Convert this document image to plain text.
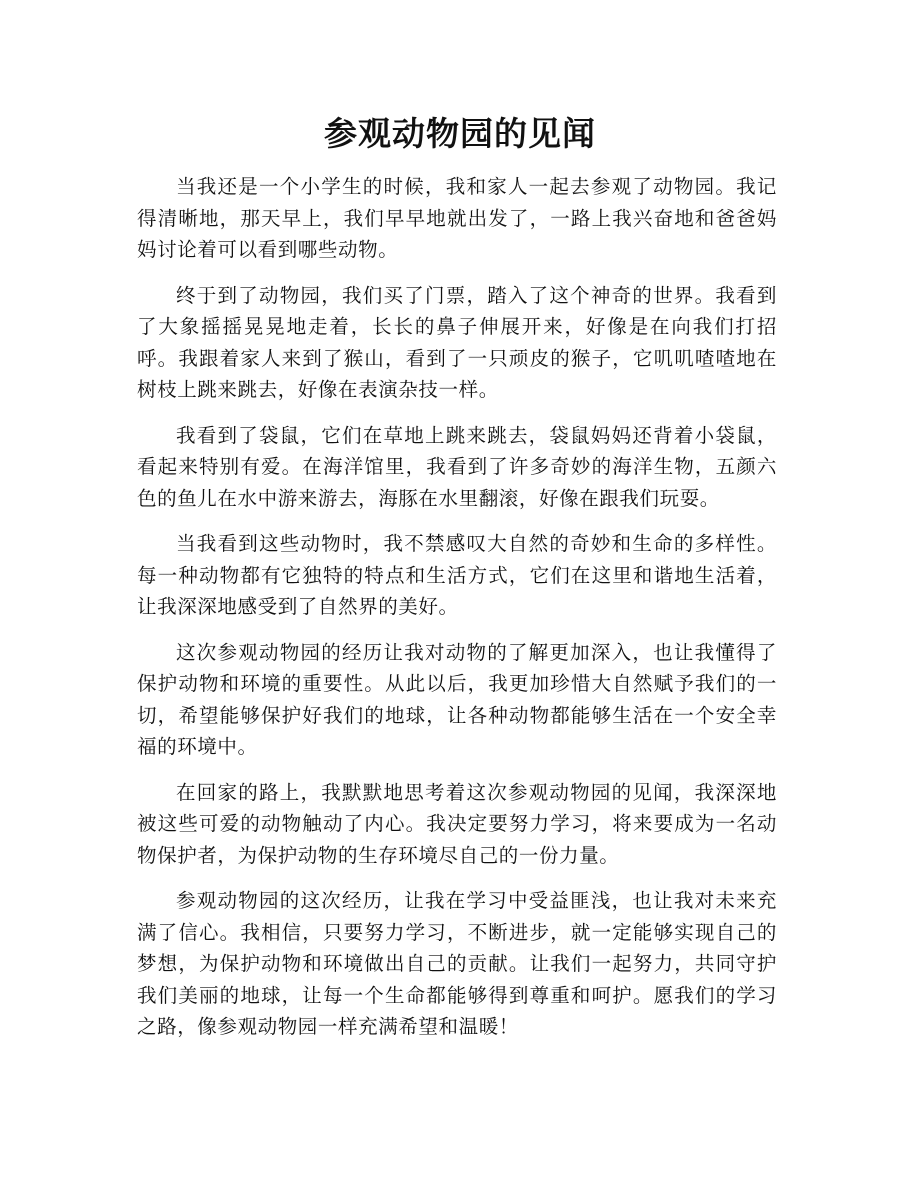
参观动物园的见闻

当我还是一个小学生的时候，我和家人一起去参观了动物园。我记得清晰地，那天早上，我们早早地就出发了，一路上我兴奋地和爸爸妈妈讨论着可以看到哪些动物。

终于到了动物园，我们买了门票，踏入了这个神奇的世界。我看到了大象摇摇晃晃地走着，长长的鼻子伸展开来，好像是在向我们打招呼。我跟着家人来到了猴山，看到了一只顽皮的猴子，它叽叽喳喳地在树枝上跳来跳去，好像在表演杂技一样。

我看到了袋鼠，它们在草地上跳来跳去，袋鼠妈妈还背着小袋鼠，看起来特别有爱。在海洋馆里，我看到了许多奇妙的海洋生物，五颜六色的鱼儿在水中游来游去，海豚在水里翻滚，好像在跟我们玩耍。

当我看到这些动物时，我不禁感叹大自然的奇妙和生命的多样性。每一种动物都有它独特的特点和生活方式，它们在这里和谐地生活着，让我深深地感受到了自然界的美好。

这次参观动物园的经历让我对动物的了解更加深入，也让我懂得了保护动物和环境的重要性。从此以后，我更加珍惜大自然赋予我们的一切，希望能够保护好我们的地球，让各种动物都能够生活在一个安全幸福的环境中。

在回家的路上，我默默地思考着这次参观动物园的见闻，我深深地被这些可爱的动物触动了内心。我决定要努力学习，将来要成为一名动物保护者，为保护动物的生存环境尽自己的一份力量。

参观动物园的这次经历，让我在学习中受益匪浅，也让我对未来充满了信心。我相信，只要努力学习，不断进步，就一定能够实现自己的梦想，为保护动物和环境做出自己的贡献。让我们一起努力，共同守护我们美丽的地球，让每一个生命都能够得到尊重和呵护。愿我们的学习之路，像参观动物园一样充满希望和温暖！
